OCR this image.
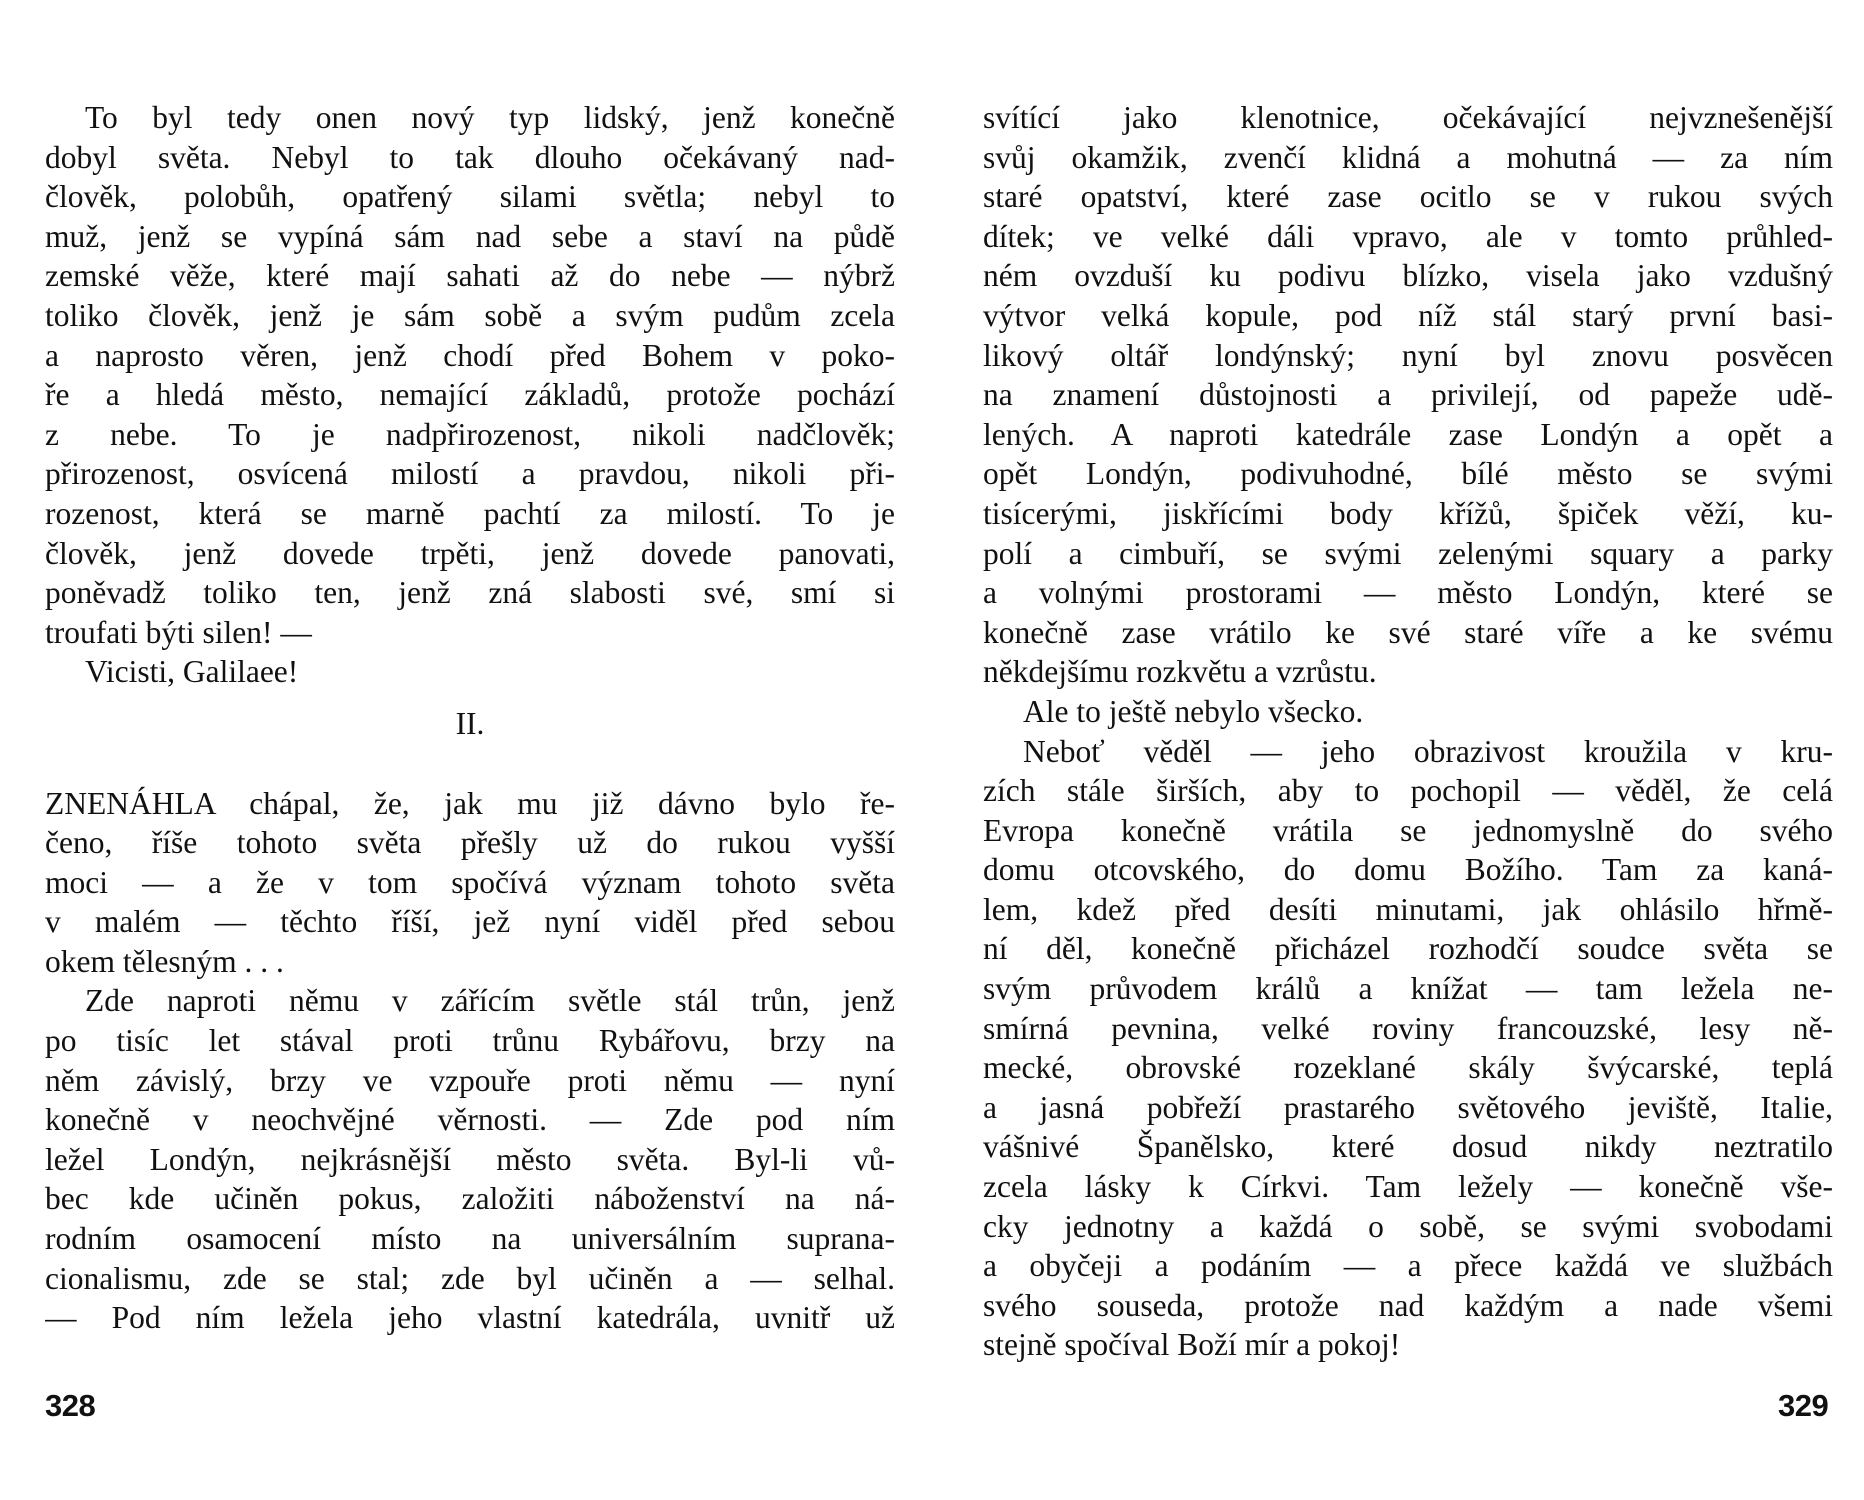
To byl tedy onen nový typ lidský, jenž konečně
dobyl světa. Nebyl to tak dlouho očekávaný nad-
člověk, polobůh, opatřený silami světla; nebyl to
muž, jenž se vypíná sám nad sebe a staví na půdě
zemské věže, které mají sahati až do nebe — nýbrž
toliko člověk, jenž je sám sobě a svým pudům zcela
a naprosto věren, jenž chodí před Bohem v poko-
ře a hledá město, nemající základů, protože pochází
z nebe. To je nadpřirozenost, nikoli nadčlověk;
přirozenost, osvícená milostí a pravdou, nikoli při-
rozenost, která se marně pachtí za milostí. To je
člověk, jenž dovede trpěti, jenž dovede panovati,
poněvadž toliko ten, jenž zná slabosti své, smí si
troufati býti silen! —
Vicisti, Galilaee!
II.
ZNENÁHLA chápal, že, jak mu již dávno bylo ře-
čeno, říše tohoto světa přešly už do rukou vyšší
moci — a že v tom spočívá význam tohoto světa
v malém — těchto říší, jež nyní viděl před sebou
okem tělesným . . .
Zde naproti němu v zářícím světle stál trůn, jenž
po tisíc let stával proti trůnu Rybářovu, brzy na
něm závislý, brzy ve vzpouře proti němu — nyní
konečně v neochvějné věrnosti. — Zde pod ním
ležel Londýn, nejkrásnější město světa. Byl-li vů-
bec kde učiněn pokus, založiti náboženství na ná-
rodním osamocení místo na universálním suprana-
cionalismu, zde se stal; zde byl učiněn a — selhal.
— Pod ním ležela jeho vlastní katedrála, uvnitř už
svítící jako klenotnice, očekávající nejvznešenější
svůj okamžik, zvenčí klidná a mohutná — za ním
staré opatství, které zase ocitlo se v rukou svých
dítek; ve velké dáli vpravo, ale v tomto průhled-
ném ovzduší ku podivu blízko, visela jako vzdušný
výtvor velká kopule, pod níž stál starý první basi-
likový oltář londýnský; nyní byl znovu posvěcen
na znamení důstojnosti a privilejí, od papeže udě-
lených. A naproti katedrále zase Londýn a opět a
opět Londýn, podivuhodné, bílé město se svými
tisícerými, jiskřícími body křížů, špiček věží, ku-
polí a cimbuří, se svými zelenými squary a parky
a volnými prostorami — město Londýn, které se
konečně zase vrátilo ke své staré víře a ke svému
někdejšímu rozkvětu a vzrůstu.
Ale to ještě nebylo všecko.
Neboť věděl — jeho obrazivost kroužila v kru-
zích stále širších, aby to pochopil — věděl, že celá
Evropa konečně vrátila se jednomyslně do svého
domu otcovského, do domu Božího. Tam za kaná-
lem, kdež před desíti minutami, jak ohlásilo hřmě-
ní děl, konečně přicházel rozhodčí soudce světa se
svým průvodem králů a knížat — tam ležela ne-
smírná pevnina, velké roviny francouzské, lesy ně-
mecké, obrovské rozeklané skály švýcarské, teplá
a jasná pobřeží prastarého světového jeviště, Italie,
vášnivé Španělsko, které dosud nikdy neztratilo
zcela lásky k Církvi. Tam ležely — konečně vše-
cky jednotny a každá o sobě, se svými svobodami
a obyčeji a podáním — a přece každá ve službách
svého souseda, protože nad každým a nade všemi
stejně spočíval Boží mír a pokoj!
328	329
